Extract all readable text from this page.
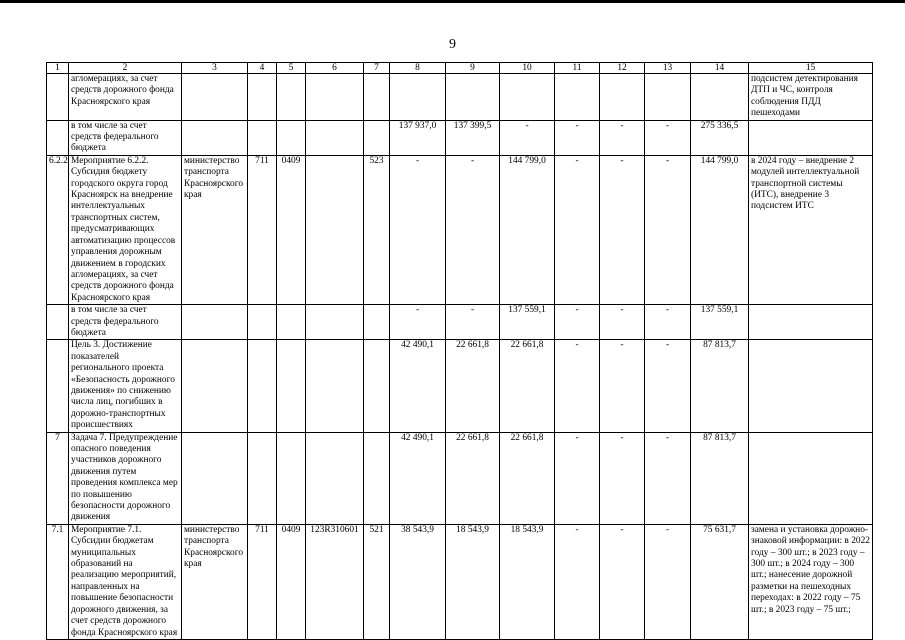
9
1	2	3	4	5	6	7	8	9	10	11	12	13	14	15
	агломерациях, за счет средств дорожного фонда Красноярского края													подсистем детектирования ДТП и ЧС, контроля соблюдения ПДД пешеходами
	в том числе за счет средств федерального бюджета						137 937,0	137 399,5	-	-	-	-	275 336,5	
6.2.2	Мероприятие 6.2.2. Субсидия бюджету городского округа город Красноярск на внедрение интеллектуальных транспортных систем, предусматривающих автоматизацию процессов управления дорожным движением в городских агломерациях, за счет средств дорожного фонда Красноярского края	министерство транспорта Красноярского края	711	0409		523	-	-	144 799,0	-	-	-	144 799,0	в 2024 году – внедрение 2 модулей интеллектуальной транспортной системы (ИТС), внедрение 3 подсистем ИТС
	в том числе за счет средств федерального бюджета						-	-	137 559,1	-	-	-	137 559,1	
	Цель 3. Достижение показателей регионального проекта «Безопасность дорожного движения» по снижению числа лиц, погибших в дорожно-транспортных происшествиях						42 490,1	22 661,8	22 661,8	-	-	-	87 813,7	
7	Задача 7. Предупреждение опасного поведения участников дорожного движения путем проведения комплекса мер по повышению безопасности дорожного движения						42 490,1	22 661,8	22 661,8	-	-	-	87 813,7	
7.1	Мероприятие 7.1. Субсидии бюджетам муниципальных образований на реализацию мероприятий, направленных на повышение безопасности дорожного движения, за счет средств дорожного фонда Красноярского края	министерство транспорта Красноярского края	711	0409	123R310601	521	38 543,9	18 543,9	18 543,9	-	-	-	75 631,7	замена и установка дорожно-знаковой информации: в 2022 году – 300 шт.; в 2023 году – 300 шт.; в 2024 году – 300 шт.; нанесение дорожной разметки на пешеходных переходах: в 2022 году – 75 шт.; в 2023 году – 75 шт.;
